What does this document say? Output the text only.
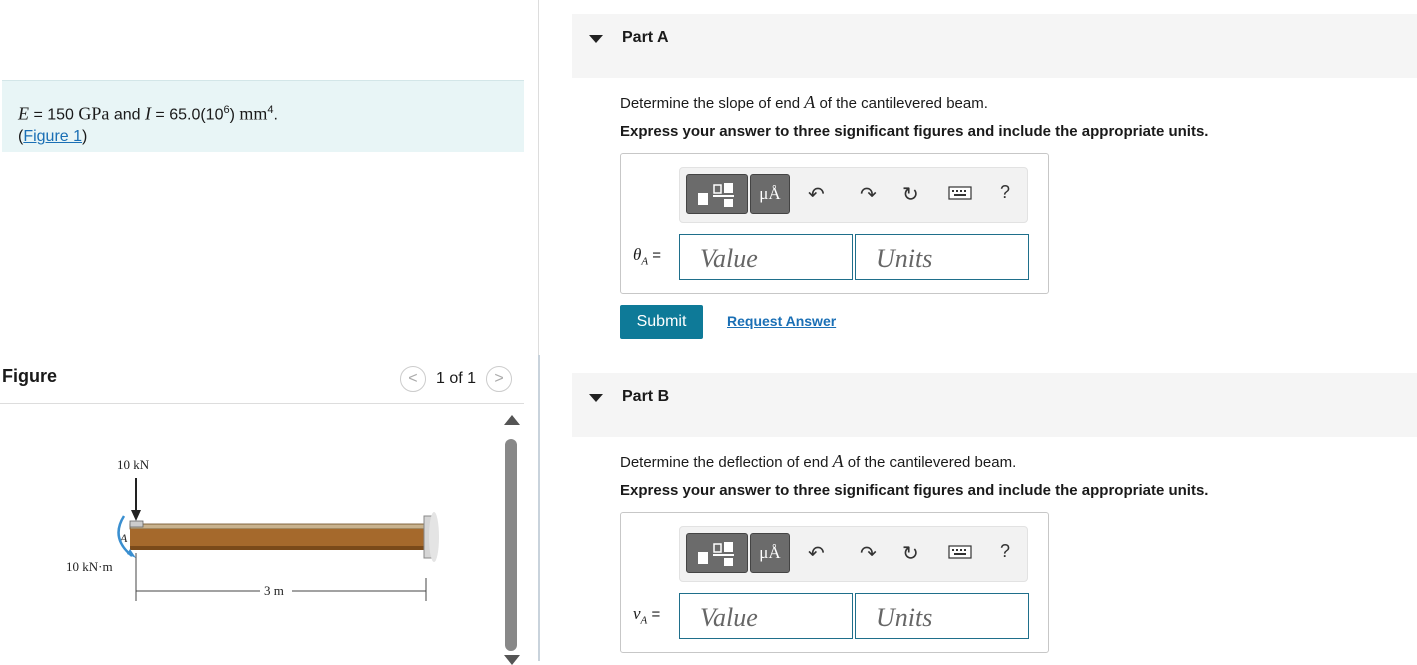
E = 150 GPa and $I = 65.0(10^6)$ $mm^4$.
(Figure 1)
Figure	<	1 of 1	>
10 kN
A
10 kN·m
3 m
Part A
Determine the slope of end A of the cantilevered beam.
Express your answer to three significant figures and include the appropriate units.
μÅ	↶ ↷ ↻	?
$\theta_A$ =
Value
Units
Submit	Request Answer
Part B
Determine the deflection of end A of the cantilevered beam.
Express your answer to three significant figures and include the appropriate units.
μÅ	↶ ↷ ↻	?
$v_A$ =
Value
Units
